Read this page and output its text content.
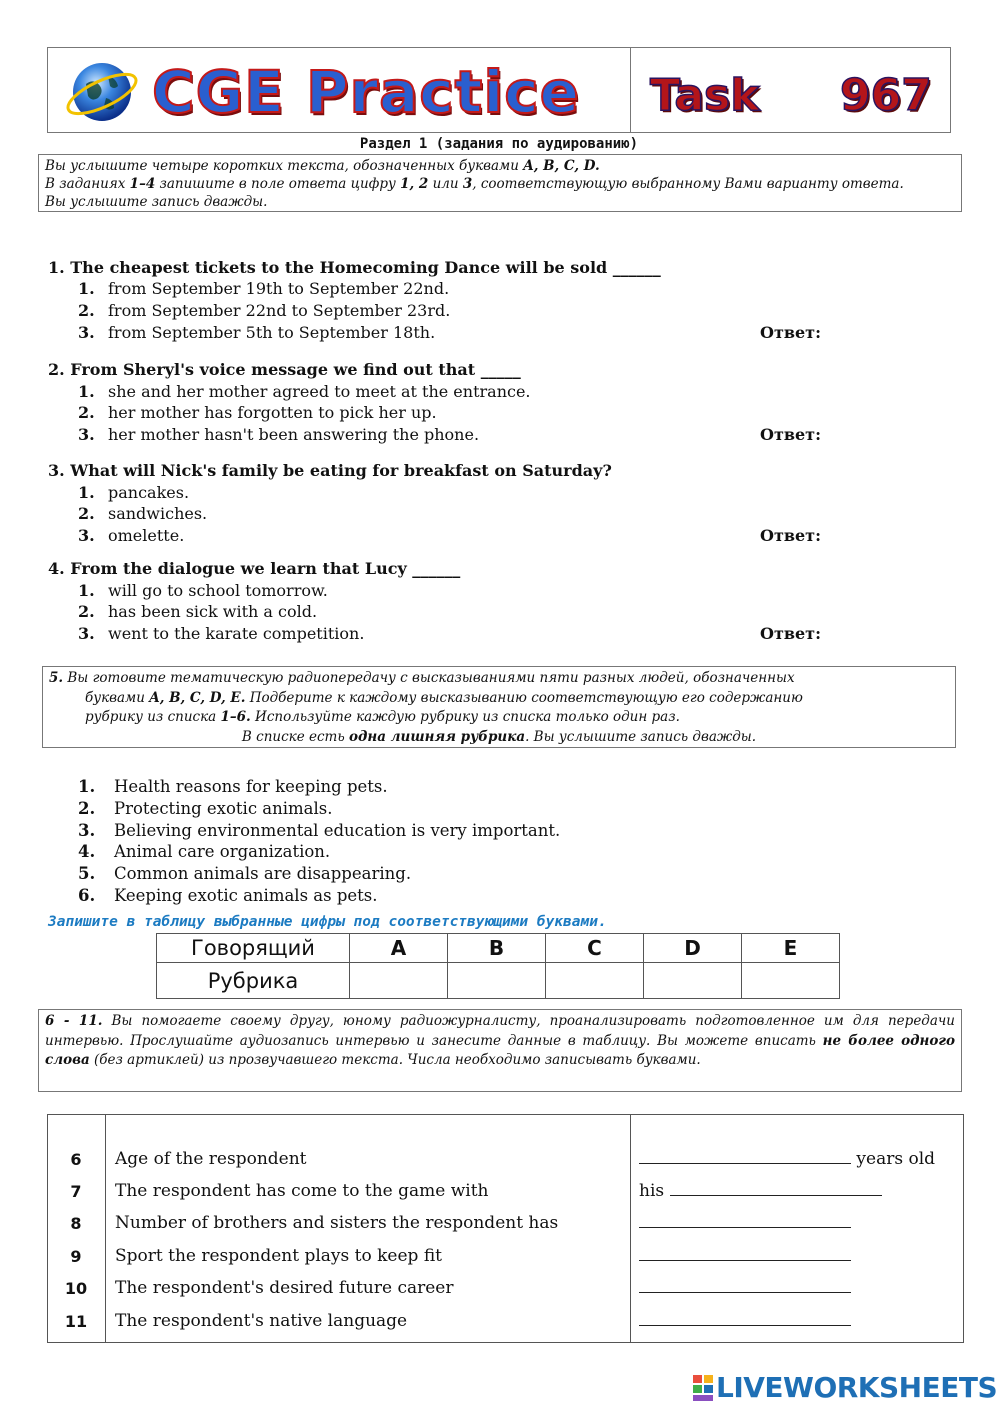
CGE Practice Task 967
Раздел 1 (задания по аудированию)
Вы услышите четыре коротких текста, обозначенных буквами A, B, C, D.
В заданиях 1–4 запишите в поле ответа цифру 1, 2 или 3, соответствующую выбранному Вами варианту ответа.
Вы услышите запись дважды.
1. The cheapest tickets to the Homecoming Dance will be sold ______
1. from September 19th to September 22nd.
2. from September 22nd to September 23rd.
3. from September 5th to September 18th.	Ответ:
2. From Sheryl's voice message we find out that _____
1. she and her mother agreed to meet at the entrance.
2. her mother has forgotten to pick her up.
3. her mother hasn't been answering the phone.	Ответ:
3. What will Nick's family be eating for breakfast on Saturday?
1. pancakes.
2. sandwiches.
3. omelette.	Ответ:
4. From the dialogue we learn that Lucy ______
1. will go to school tomorrow.
2. has been sick with a cold.
3. went to the karate competition.	Ответ:
5. Вы готовите тематическую радиопередачу с высказываниями пяти разных людей, обозначенных
буквами A, B, C, D, E. Подберите к каждому высказыванию соответствующую его содержанию
рубрику из списка 1–6. Используйте каждую рубрику из списка только один раз.
В списке есть одна лишняя рубрика. Вы услышите запись дважды.
1. Health reasons for keeping pets.
2. Protecting exotic animals.
3. Believing environmental education is very important.
4. Animal care organization.
5. Common animals are disappearing.
6. Keeping exotic animals as pets.
Запишите в таблицу выбранные цифры под соответствующими буквами.
Говорящий	A	B	C	D	E
Рубрика					
6 - 11. Вы помогаете своему другу, юному радиожурналисту, проанализировать подготовленное им для передачи интервью. Прослушайте аудиозапись интервью и занесите данные в таблицу. Вы можете вписать не более одного слова (без артиклей) из прозвучавшего текста. Числа необходимо записывать буквами.
6	Age of the respondent	years old
7	The respondent has come to the game with	his
8	Number of brothers and sisters the respondent has
9	Sport the respondent plays to keep fit
10	The respondent's desired future career
11	The respondent's native language
LIVEWORKSHEETS
